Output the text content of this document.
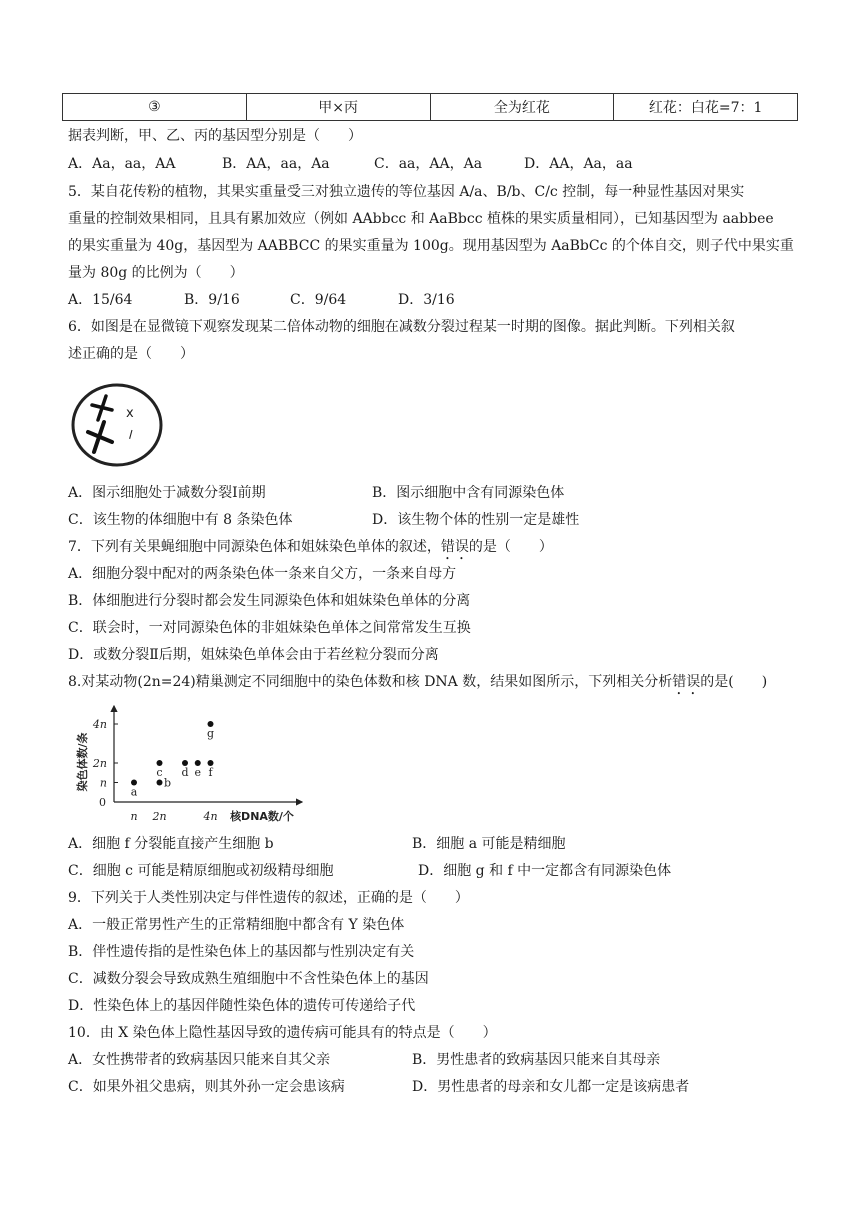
③	甲×丙	全为红花	红花：白花=7：1
据表判断，甲、乙、丙的基因型分别是（　　）
A．Aa，aa，AA	B．AA，aa，Aa	C．aa，AA，Aa	D．AA，Aa，aa
5．某自花传粉的植物，其果实重量受三对独立遗传的等位基因 A/a、B/b、C/c 控制，每一种显性基因对果实
重量的控制效果相同，且具有累加效应（例如 AAbbcc 和 AaBbcc 植株的果实质量相同），已知基因型为 aabbee
的果实重量为 40g，基因型为 AABBCC 的果实重量为 100g。现用基因型为 AaBbCc 的个体自交，则子代中果实重
量为 80g 的比例为（　　）
A．15/64	B．9/16	C．9/64	D．3/16
6．如图是在显微镜下观察发现某二倍体动物的细胞在减数分裂过程某一时期的图像。据此判断。下列相关叙
述正确的是（　　）
x
l
A．图示细胞处于减数分裂Ⅰ前期	B．图示细胞中含有同源染色体
C．该生物的体细胞中有 8 条染色体	D．该生物个体的性别一定是雄性
7．下列有关果蝇细胞中同源染色体和姐妹染色单体的叙述，错误的是（　　）
A．细胞分裂中配对的两条染色体一条来自父方，一条来自母方
B．体细胞进行分裂时都会发生同源染色体和姐妹染色单体的分离
C．联会时，一对同源染色体的非姐妹染色单体之间常常发生互换
D．或数分裂Ⅱ后期，姐妹染色单体会由于若丝粒分裂而分离
8.对某动物(2n=24)精巢测定不同细胞中的染色体数和核 DNA 数，结果如图所示，下列相关分析错误的是(　　)
染色体数/条
核DNA数/个
0
n 2n	4n
n
2n
4n
a
b
c d e f
g
A．细胞 f 分裂能直接产生细胞 b	B．细胞 a 可能是精细胞
C．细胞 c 可能是精原细胞或初级精母细胞	D．细胞 g 和 f 中一定都含有同源染色体
9．下列关于人类性别决定与伴性遗传的叙述，正确的是（　　）
A．一般正常男性产生的正常精细胞中都含有 Y 染色体
B．伴性遗传指的是性染色体上的基因都与性别决定有关
C．减数分裂会导致成熟生殖细胞中不含性染色体上的基因
D．性染色体上的基因伴随性染色体的遗传可传递给子代
10．由 X 染色体上隐性基因导致的遗传病可能具有的特点是（　　）
A．女性携带者的致病基因只能来自其父亲	B．男性患者的致病基因只能来自其母亲
C．如果外祖父患病，则其外孙一定会患该病	D．男性患者的母亲和女儿都一定是该病患者
